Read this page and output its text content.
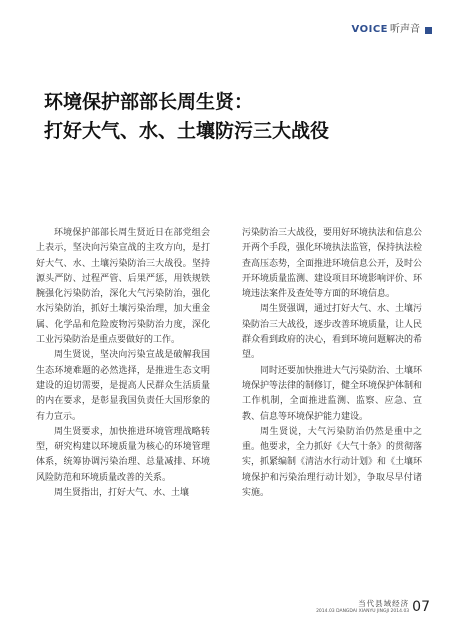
VOICE 听声音
环境保护部部长周生贤：
打好大气、水、土壤防污三大战役

环境保护部部长周生贤近日在部党组会上表示，坚决向污染宣战的主攻方向，是打好大气、水、土壤污染防治三大战役。坚持源头严防、过程严管、后果严惩，用铁规铁腕强化污染防治，深化大气污染防治，强化水污染防治，抓好土壤污染治理，加大重金属、化学品和危险废物污染防治力度，深化工业污染防治是重点要做好的工作。

周生贤说，坚决向污染宣战是破解我国生态环境难题的必然选择，是推进生态文明建设的迫切需要，是提高人民群众生活质量的内在要求，是彰显我国负责任大国形象的有力宣示。

周生贤要求，加快推进环境管理战略转型，研究构建以环境质量为核心的环境管理体系，统筹协调污染治理、总量减排、环境风险防范和环境质量改善的关系。

周生贤指出，打好大气、水、土壤

污染防治三大战役，要用好环境执法和信息公开两个手段，强化环境执法监管，保持执法检查高压态势，全面推进环境信息公开，及时公开环境质量监测、建设项目环境影响评价、环境违法案件及查处等方面的环境信息。

周生贤强调，通过打好大气、水、土壤污染防治三大战役，逐步改善环境质量，让人民群众看到政府的决心，看到环境问题解决的希望。

同时还要加快推进大气污染防治、土壤环境保护等法律的制修订，健全环境保护体制和工作机制，全面推进监测、监察、应急、宣教、信息等环境保护能力建设。

周生贤说，大气污染防治仍然是重中之重。他要求，全力抓好《大气十条》的贯彻落实，抓紧编制《清洁水行动计划》和《土壤环境保护和污染治理行动计划》，争取尽早付诸实施。

当代县域经济
2014.03 DANGDAI XIANYU JINGJI 2014.03 07
